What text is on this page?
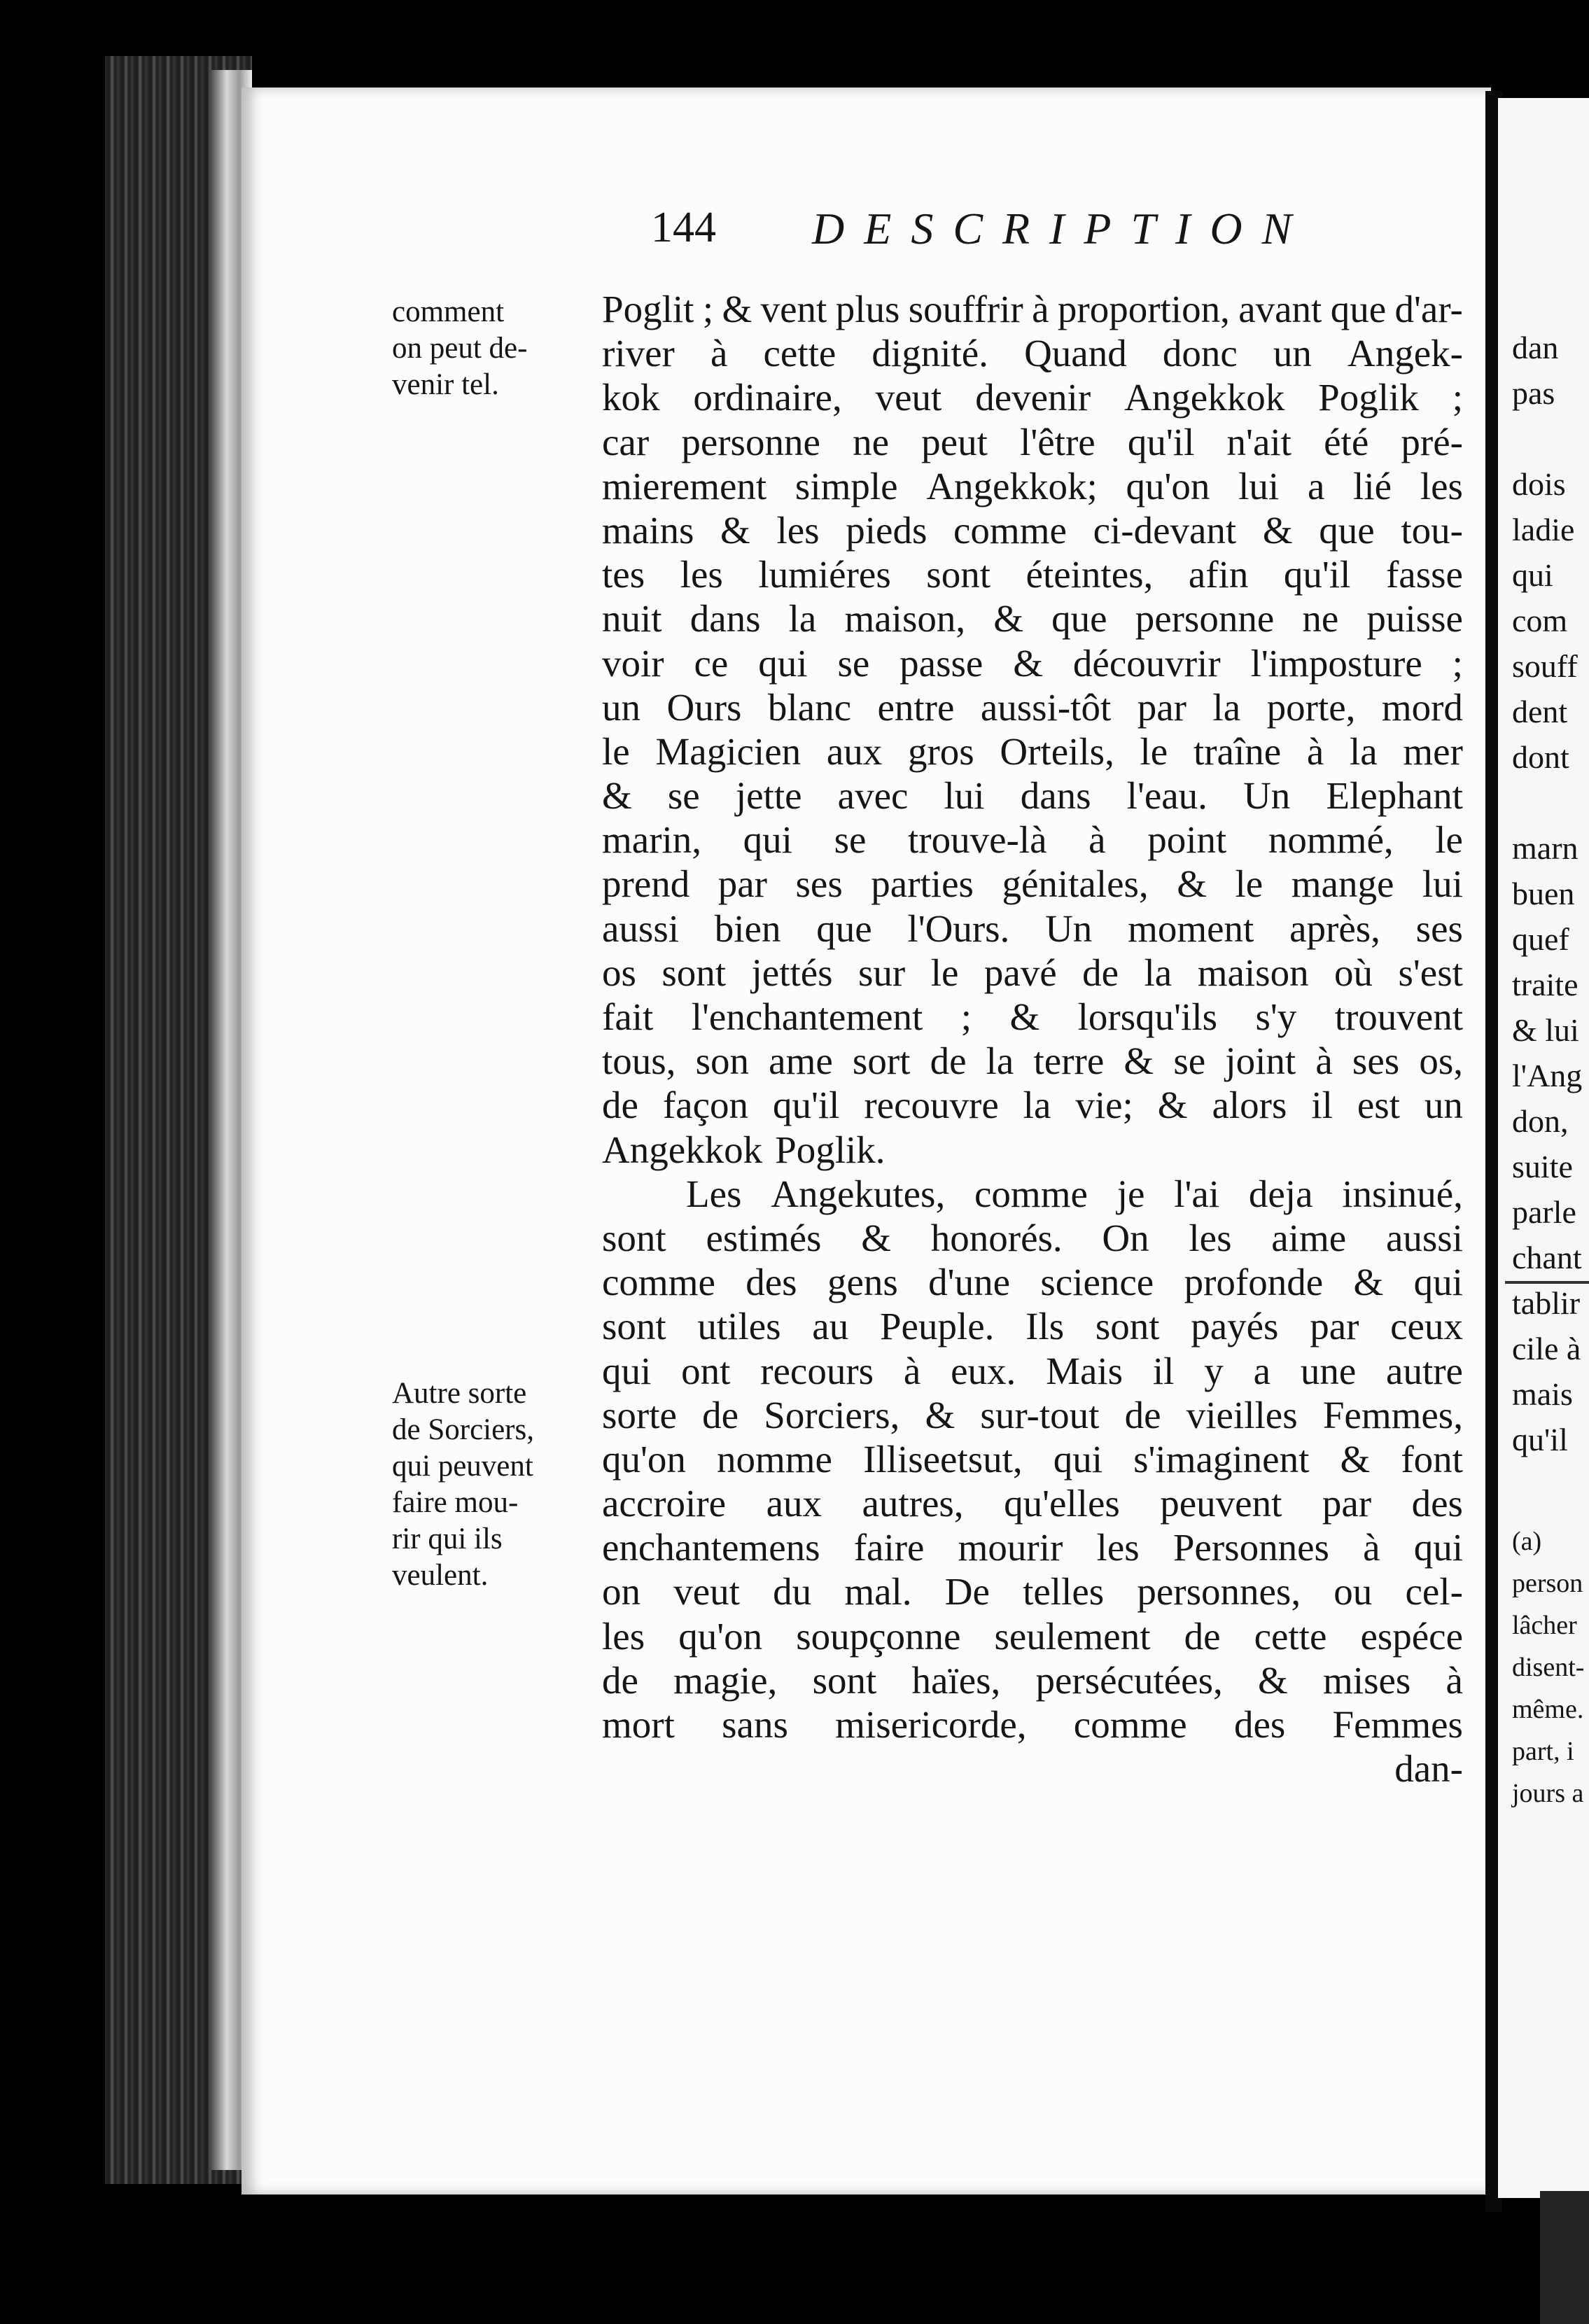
144 DESCRIPTION
comment
on peut de-
venir tel.
Autre sorte
de Sorciers,
qui peuvent
faire mou-
rir qui ils
veulent.
Poglit ; & vent plus souffrir à proportion, avant que d'ar-
river à cette dignité. Quand donc un Angek-
kok ordinaire, veut devenir Angekkok Poglik ;
car personne ne peut l'être qu'il n'ait été pré-
mierement simple Angekkok; qu'on lui a lié les
mains & les pieds comme ci-devant & que tou-
tes les lumiéres sont éteintes, afin qu'il fasse
nuit dans la maison, & que personne ne puisse
voir ce qui se passe & découvrir l'imposture ;
un Ours blanc entre aussi-tôt par la porte, mord
le Magicien aux gros Orteils, le traîne à la mer
& se jette avec lui dans l'eau. Un Elephant
marin, qui se trouve-là à point nommé, le
prend par ses parties génitales, & le mange lui
aussi bien que l'Ours. Un moment après, ses
os sont jettés sur le pavé de la maison où s'est
fait l'enchantement ; & lorsqu'ils s'y trouvent
tous, son ame sort de la terre & se joint à ses os,
de façon qu'il recouvre la vie; & alors il est un
Angekkok Poglik.
Les Angekutes, comme je l'ai deja insinué,
sont estimés & honorés. On les aime aussi
comme des gens d'une science profonde & qui
sont utiles au Peuple. Ils sont payés par ceux
qui ont recours à eux. Mais il y a une autre
sorte de Sorciers, & sur-tout de vieilles Femmes,
qu'on nomme Illiseetsut, qui s'imaginent & font
accroire aux autres, qu'elles peuvent par des
enchantemens faire mourir les Personnes à qui
on veut du mal. De telles personnes, ou cel-
les qu'on soupçonne seulement de cette espéce
de magie, sont haïes, persécutées, & mises à
mort sans misericorde, comme des Femmes
dan-
dan
pas
dois
ladie
qui
com
souff
dent
dont
marn
buen
quef
traite
& lui
l'Ang
don,
suite
parle
chant
tablir
cile à
mais
qu'il
(a)
person
lâcher
disent-
même.
part, i
jours a
